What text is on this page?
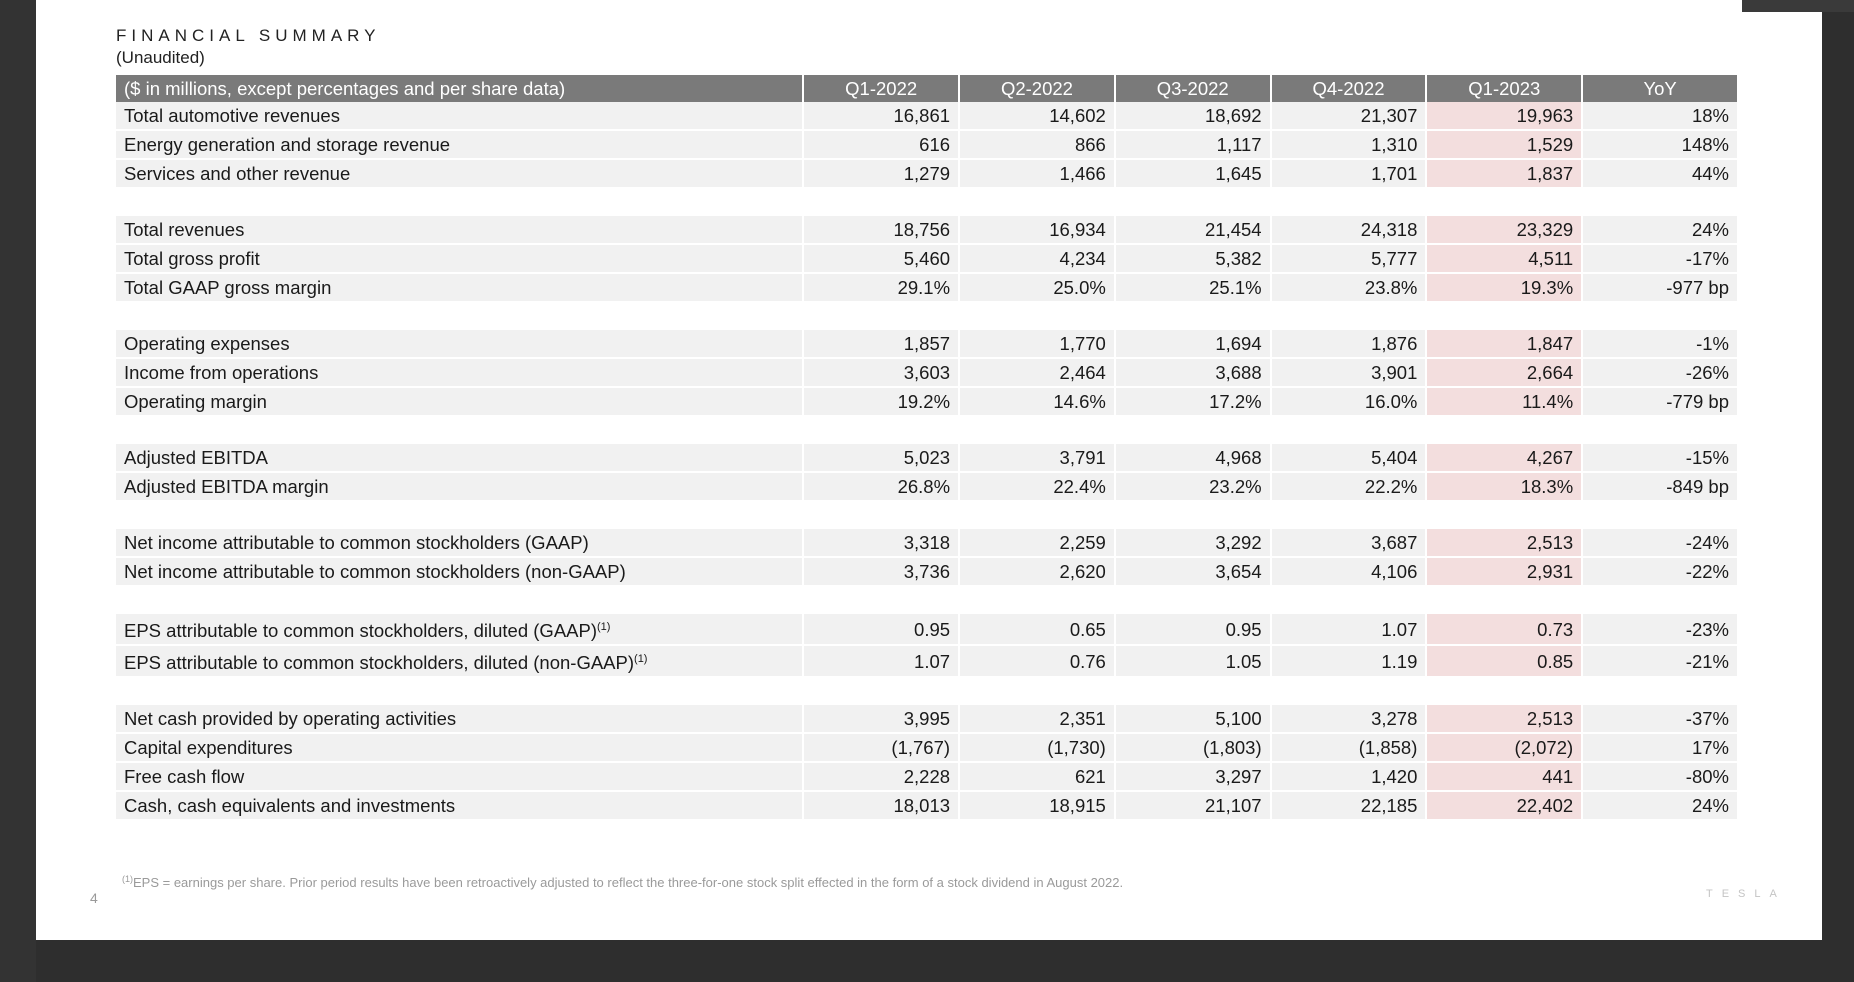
FINANCIAL SUMMARY
(Unaudited)
($ in millions, except percentages and per share data)	Q1-2022	Q2-2022	Q3-2022	Q4-2022	Q1-2023	YoY
Total automotive revenues	16,861	14,602	18,692	21,307	19,963	18%
Energy generation and storage revenue	616	866	1,117	1,310	1,529	148%
Services and other revenue	1,279	1,466	1,645	1,701	1,837	44%

Total revenues	18,756	16,934	21,454	24,318	23,329	24%
Total gross profit	5,460	4,234	5,382	5,777	4,511	-17%
Total GAAP gross margin	29.1%	25.0%	25.1%	23.8%	19.3%	-977 bp

Operating expenses	1,857	1,770	1,694	1,876	1,847	-1%
Income from operations	3,603	2,464	3,688	3,901	2,664	-26%
Operating margin	19.2%	14.6%	17.2%	16.0%	11.4%	-779 bp

Adjusted EBITDA	5,023	3,791	4,968	5,404	4,267	-15%
Adjusted EBITDA margin	26.8%	22.4%	23.2%	22.2%	18.3%	-849 bp

Net income attributable to common stockholders (GAAP)	3,318	2,259	3,292	3,687	2,513	-24%
Net income attributable to common stockholders (non-GAAP)	3,736	2,620	3,654	4,106	2,931	-22%

EPS attributable to common stockholders, diluted (GAAP)$^{(1)}$	0.95	0.65	0.95	1.07	0.73	-23%
EPS attributable to common stockholders, diluted (non-GAAP)$^{(1)}$	1.07	0.76	1.05	1.19	0.85	-21%

Net cash provided by operating activities	3,995	2,351	5,100	3,278	2,513	-37%
Capital expenditures	(1,767)	(1,730)	(1,803)	(1,858)	(2,072)	17%
Free cash flow	2,228	621	3,297	1,420	441	-80%
Cash, cash equivalents and investments	18,013	18,915	21,107	22,185	22,402	24%
$^{(1)}$EPS = earnings per share. Prior period results have been retroactively adjusted to reflect the three-for-one stock split effected in the form of a stock dividend in August 2022.
4	TESLA
